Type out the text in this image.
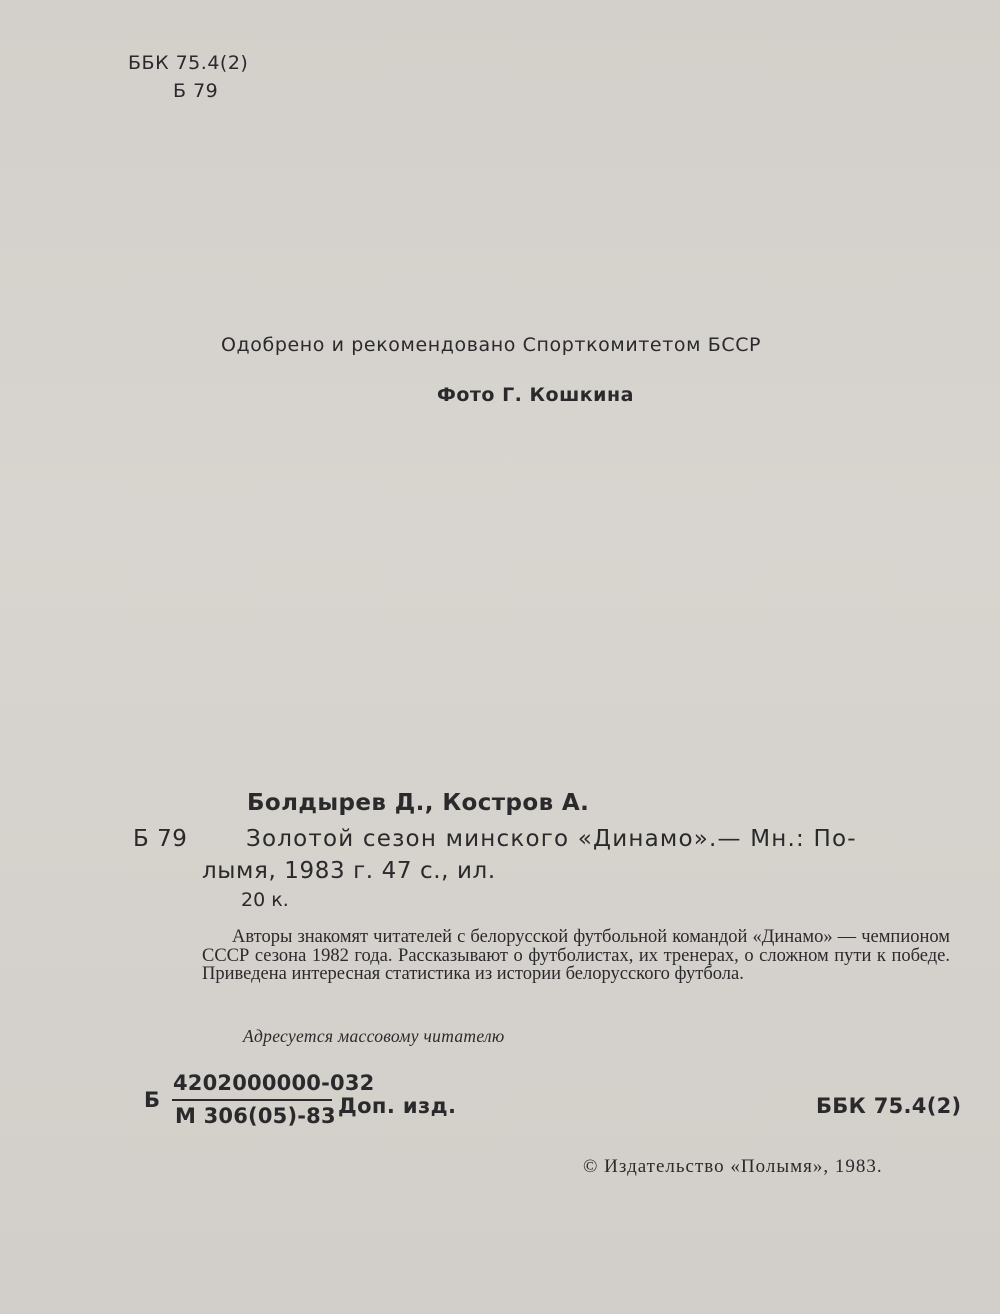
ББК 75.4(2)
Б 79
Одобрено и рекомендовано Спорткомитетом БССР
Фото Г. Кошкина
Болдырев Д., Костров А.
Б 79	Золотой сезон минского «Динамо».— Мн.: По-
лымя, 1983 г. 47 с., ил.
20 к.

Авторы знакомят читателей с белорусской футбольной командой «Динамо» — чемпионом СССР сезона 1982 года. Рассказывают о футболистах, их тренерах, о сложном пути к победе. Приведена интересная статистика из истории белорусского футбола.

Адресуется массовому читателю
Б
4202000000-032
М 306(05)-83 Доп. изд.	ББК 75.4(2)
© Издательство «Полымя», 1983.
